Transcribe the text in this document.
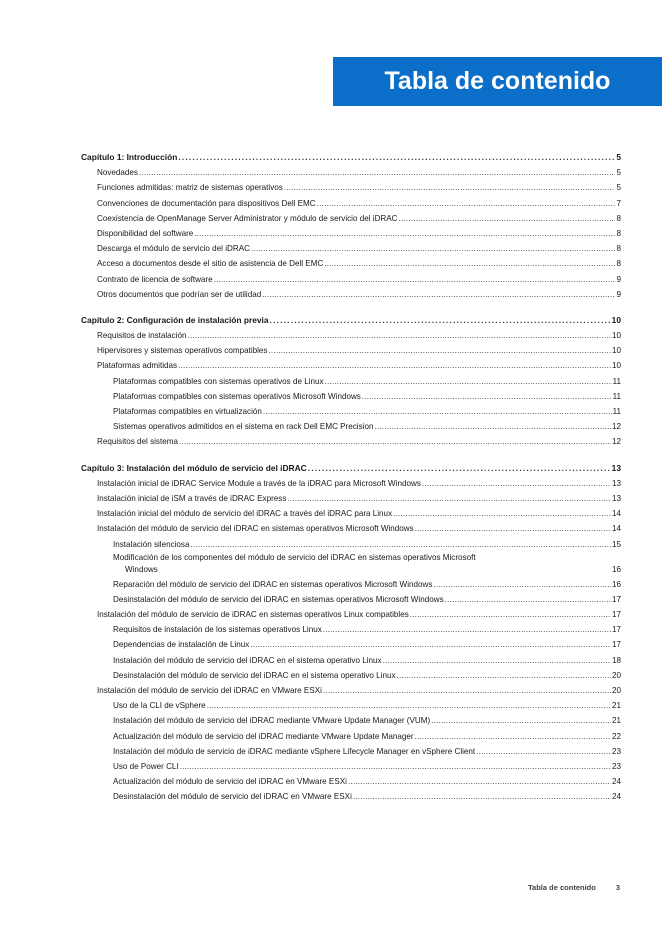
Tabla de contenido
Capítulo 1: Introducción .....	5
Novedades .....	5
Funciones admitidas: matriz de sistemas operativos .....	5
Convenciones de documentación para dispositivos Dell EMC .....	7
Coexistencia de OpenManage Server Administrator y módulo de servicio del iDRAC .....	8
Disponibilidad del software .....	8
Descarga el módulo de servicio del iDRAC .....	8
Acceso a documentos desde el sitio de asistencia de Dell EMC .....	8
Contrato de licencia de software .....	9
Otros documentos que podrían ser de utilidad .....	9
Capítulo 2: Configuración de instalación previa .....	10
Requisitos de instalación .....	10
Hipervisores y sistemas operativos compatibles .....	10
Plataformas admitidas .....	10
Plataformas compatibles con sistemas operativos de Linux .....	11
Plataformas compatibles con sistemas operativos Microsoft Windows .....	11
Plataformas compatibles en virtualización .....	11
Sistemas operativos admitidos en el sistema en rack Dell EMC Precision .....	12
Requisitos del sistema .....	12
Capítulo 3: Instalación del módulo de servicio del iDRAC .....	13
Instalación inicial de iDRAC Service Module a través de la iDRAC para Microsoft Windows .....	13
Instalación inicial de iSM a través de iDRAC Express .....	13
Instalación inicial del módulo de servicio del iDRAC a través del iDRAC para Linux .....	14
Instalación del módulo de servicio del iDRAC en sistemas operativos Microsoft Windows .....	14
Instalación silenciosa .....	15
Modificación de los componentes del módulo de servicio del iDRAC en sistemas operativos Microsoft
Windows	16
Reparación del módulo de servicio del iDRAC en sistemas operativos Microsoft Windows .....	16
Desinstalación del módulo de servicio del iDRAC en sistemas operativos Microsoft Windows .....	17
Instalación del módulo de servicio de iDRAC en sistemas operativos Linux compatibles .....	17
Requisitos de instalación de los sistemas operativos Linux .....	17
Dependencias de instalación de Linux .....	17
Instalación del módulo de servicio del iDRAC en el sistema operativo Linux .....	18
Desinstalación del módulo de servicio del iDRAC en el sistema operativo Linux .....	20
Instalación del módulo de servicio del iDRAC en VMware ESXi .....	20
Uso de la CLI de vSphere .....	21
Instalación del módulo de servicio del iDRAC mediante VMware Update Manager (VUM) .....	21
Actualización del módulo de servicio del iDRAC mediante VMware Update Manager .....	22
Instalación del módulo de servicio de iDRAC mediante vSphere Lifecycle Manager en vSphere Client .....	23
Uso de Power CLI .....	23
Actualización del módulo de servicio del iDRAC en VMware ESXi .....	24
Desinstalación del módulo de servicio del iDRAC en VMware ESXi .....	24
Tabla de contenido	3
